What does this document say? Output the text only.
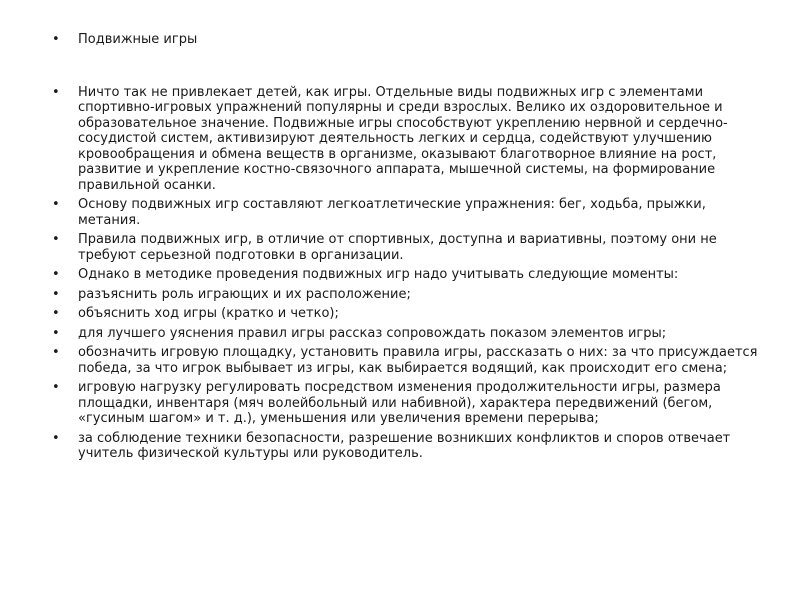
•	Подвижные игры
•	Ничто так не привлекает детей, как игры. Отдельные виды подвижных игр с элементами спортивно-игровых упражнений популярны и среди взрослых. Велико их оздоровительное и образовательное значение. Подвижные игры способствуют укреплению нервной и сердечно-сосудистой систем, активизируют деятельность легких и сердца, содействуют улучшению кровообращения и обмена веществ в организме, оказывают благотворное влияние на рост, развитие и укрепление костно-связочного аппарата, мышечной системы, на формирование правильной осанки.
•	Основу подвижных игр составляют легкоатлетические упражнения: бег, ходьба, прыжки, метания.
•	Правила подвижных игр, в отличие от спортивных, доступна и вариативны, поэтому они не требуют серьезной подготовки в организации.
•	Однако в методике проведения подвижных игр надо учитывать следующие моменты:
•	разъяснить роль играющих и их расположение;
•	объяснить ход игры (кратко и четко);
•	для лучшего уяснения правил игры рассказ сопровождать показом элементов игры;
•	обозначить игровую площадку, установить правила игры, рассказать о них: за что присуждается победа, за что игрок выбывает из игры, как выбирается водящий, как происходит его смена;
•	игровую нагрузку регулировать посредством изменения продолжительности игры, размера площадки, инвентаря (мяч волейбольный или набивной), характера передвижений (бегом, «гусиным шагом» и т. д.), уменьшения или увеличения времени перерыва;
•	за соблюдение техники безопасности, разрешение возникших конфликтов и споров отвечает учитель физической культуры или руководитель.
